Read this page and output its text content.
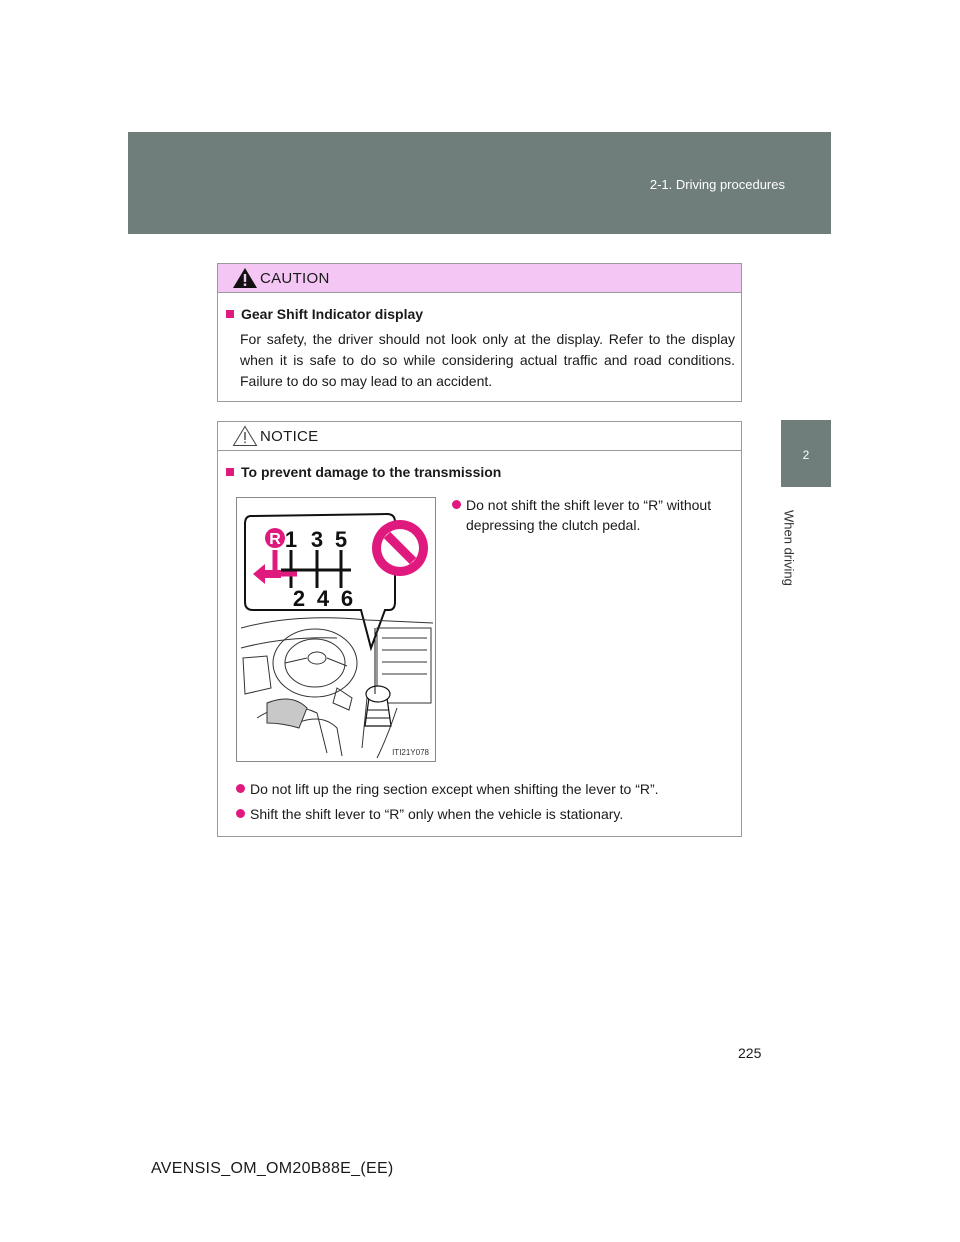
2-1. Driving procedures
2
When driving
CAUTION
Gear Shift Indicator display
For safety, the driver should not look only at the display. Refer to the display
when it is safe to do so while considering actual traffic and road conditions.
Failure to do so may lead to an accident.
NOTICE
To prevent damage to the transmission
R 1 3 5
2 4 6
ITI21Y078
Do not shift the shift lever to “R” without depressing the clutch pedal.
Do not lift up the ring section except when shifting the lever to “R”.
Shift the shift lever to “R” only when the vehicle is stationary.
225
AVENSIS_OM_OM20B88E_(EE)
